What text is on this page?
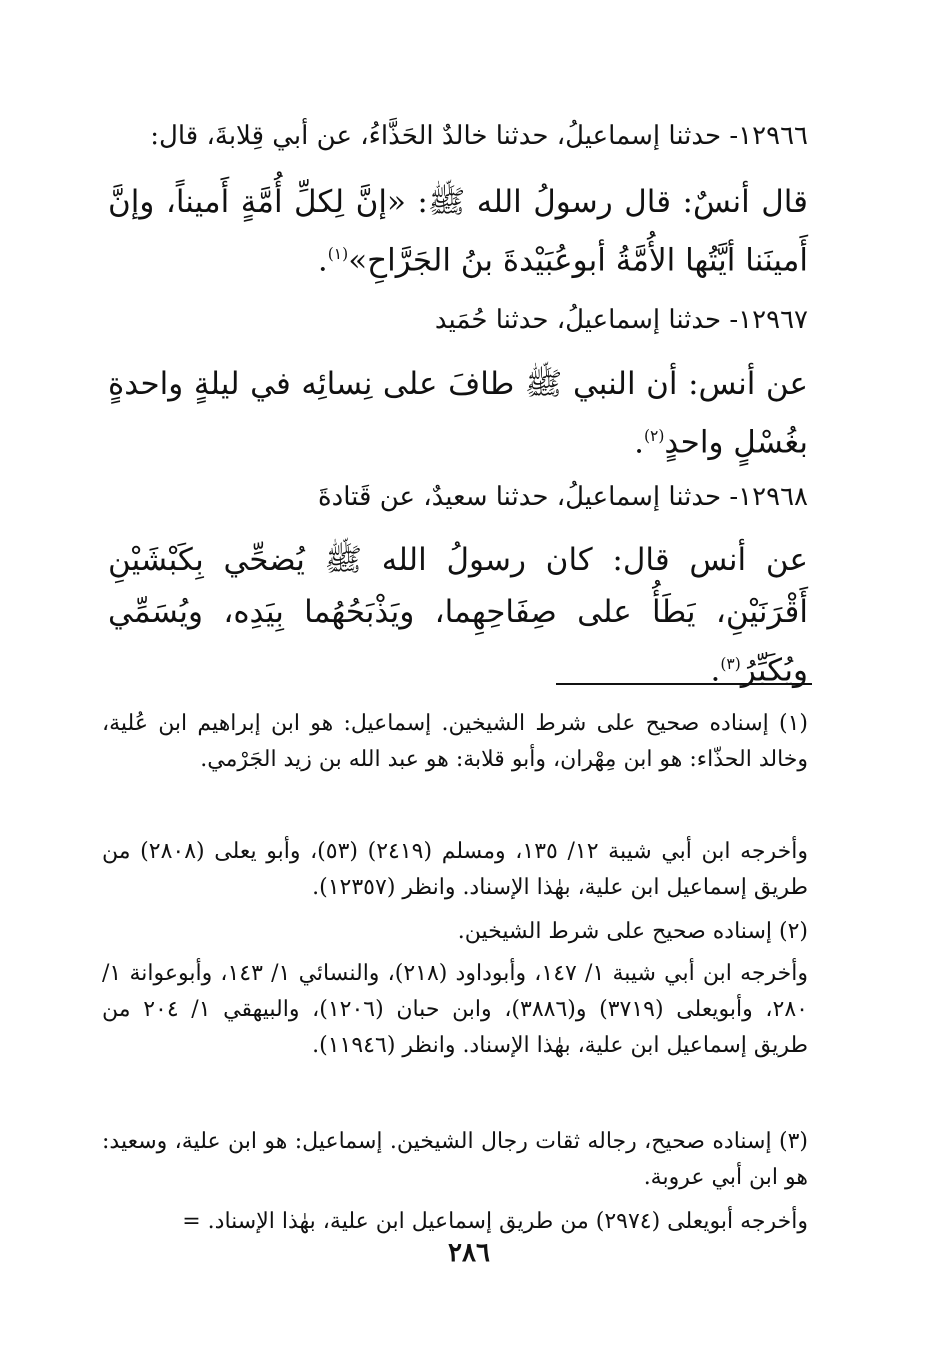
١٢٩٦٦- حدثنا إسماعيلُ، حدثنا خالدٌ الحَذَّاءُ، عن أبي قِلابةَ، قال:
قال أنسٌ: قال رسولُ الله ﷺ: «إنَّ لِكلِّ أُمَّةٍ أَميناً، وإنَّ أَمينَنا أيَّتُها الأُمَّةُ أبوعُبَيْدةَ بنُ الجَرَّاحِ»$^{(١)}$.
١٢٩٦٧- حدثنا إسماعيلُ، حدثنا حُمَيد
عن أنس: أن النبي ﷺ طافَ على نِسائِه في ليلةٍ واحدةٍ بغُسْلٍ واحدٍ$^{(٢)}$.
١٢٩٦٨- حدثنا إسماعيلُ، حدثنا سعيدٌ، عن قَتادةَ
عن أنس قال: كان رسولُ الله ﷺ يُضحِّي بِكَبْشَيْنِ أَقْرَنَيْنِ، يَطَأُ على صِفَاحِهِما، ويَذْبَحُهُما بِيَدِه، ويُسَمِّي ويُكَبِّرُ$^{(٣)}$.
(١) إسناده صحيح على شرط الشيخين. إسماعيل: هو ابن إبراهيم ابن عُلية، وخالد الحذّاء: هو ابن مِهْران، وأبو قلابة: هو عبد الله بن زيد الجَرْمي.
وأخرجه ابن أبي شيبة ١٢/ ١٣٥، ومسلم (٢٤١٩) (٥٣)، وأبو يعلى (٢٨٠٨) من طريق إسماعيل ابن علية، بهٰذا الإسناد. وانظر (١٢٣٥٧).
(٢) إسناده صحيح على شرط الشيخين.
وأخرجه ابن أبي شيبة ١/ ١٤٧، وأبوداود (٢١٨)، والنسائي ١/ ١٤٣، وأبوعوانة ١/ ٢٨٠، وأبويعلى (٣٧١٩) و(٣٨٨٦)، وابن حبان (١٢٠٦)، والبيهقي ١/ ٢٠٤ من طريق إسماعيل ابن علية، بهٰذا الإسناد. وانظر (١١٩٤٦).
(٣) إسناده صحيح، رجاله ثقات رجال الشيخين. إسماعيل: هو ابن علية، وسعيد: هو ابن أبي عروبة.
وأخرجه أبويعلى (٢٩٧٤) من طريق إسماعيل ابن علية، بهٰذا الإسناد. =
٢٨٦
